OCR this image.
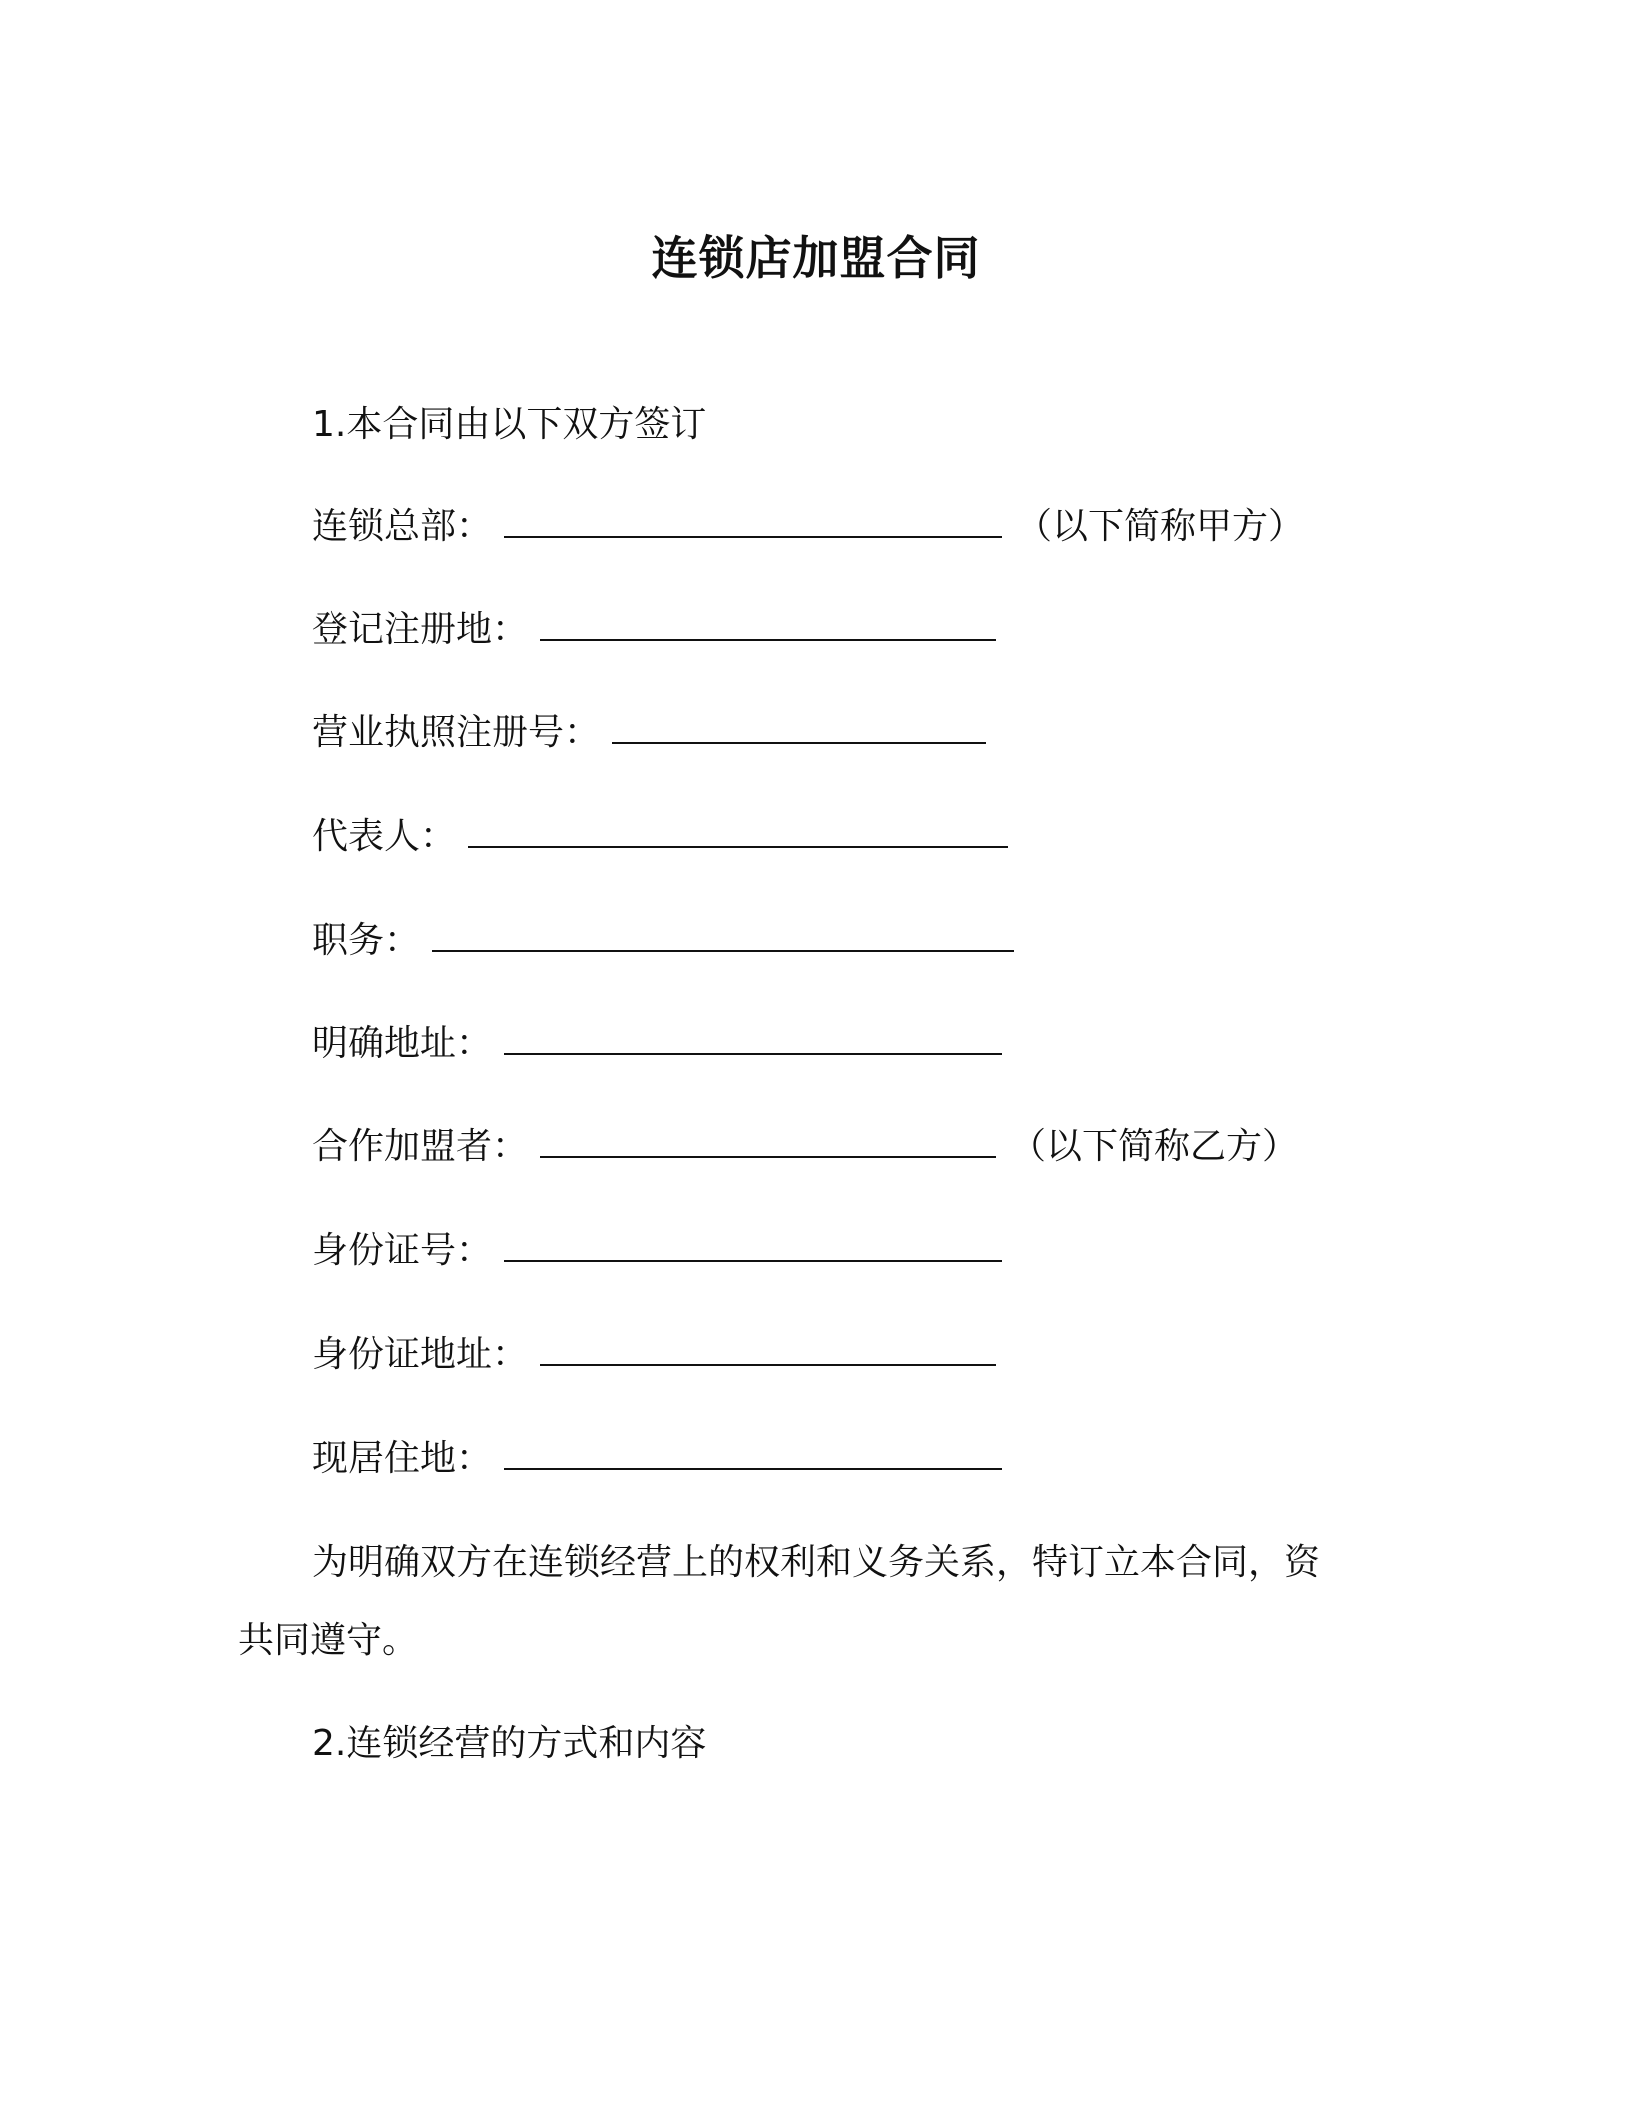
连锁店加盟合同
1.本合同由以下双方签订
连锁总部：	（以下简称甲方）
登记注册地：
营业执照注册号：
代表人：
职务：
明确地址：
合作加盟者：	（以下简称乙方）
身份证号：
身份证地址：
现居住地：
为明确双方在连锁经营上的权利和义务关系，特订立本合同，资
共同遵守。
2.连锁经营的方式和内容
